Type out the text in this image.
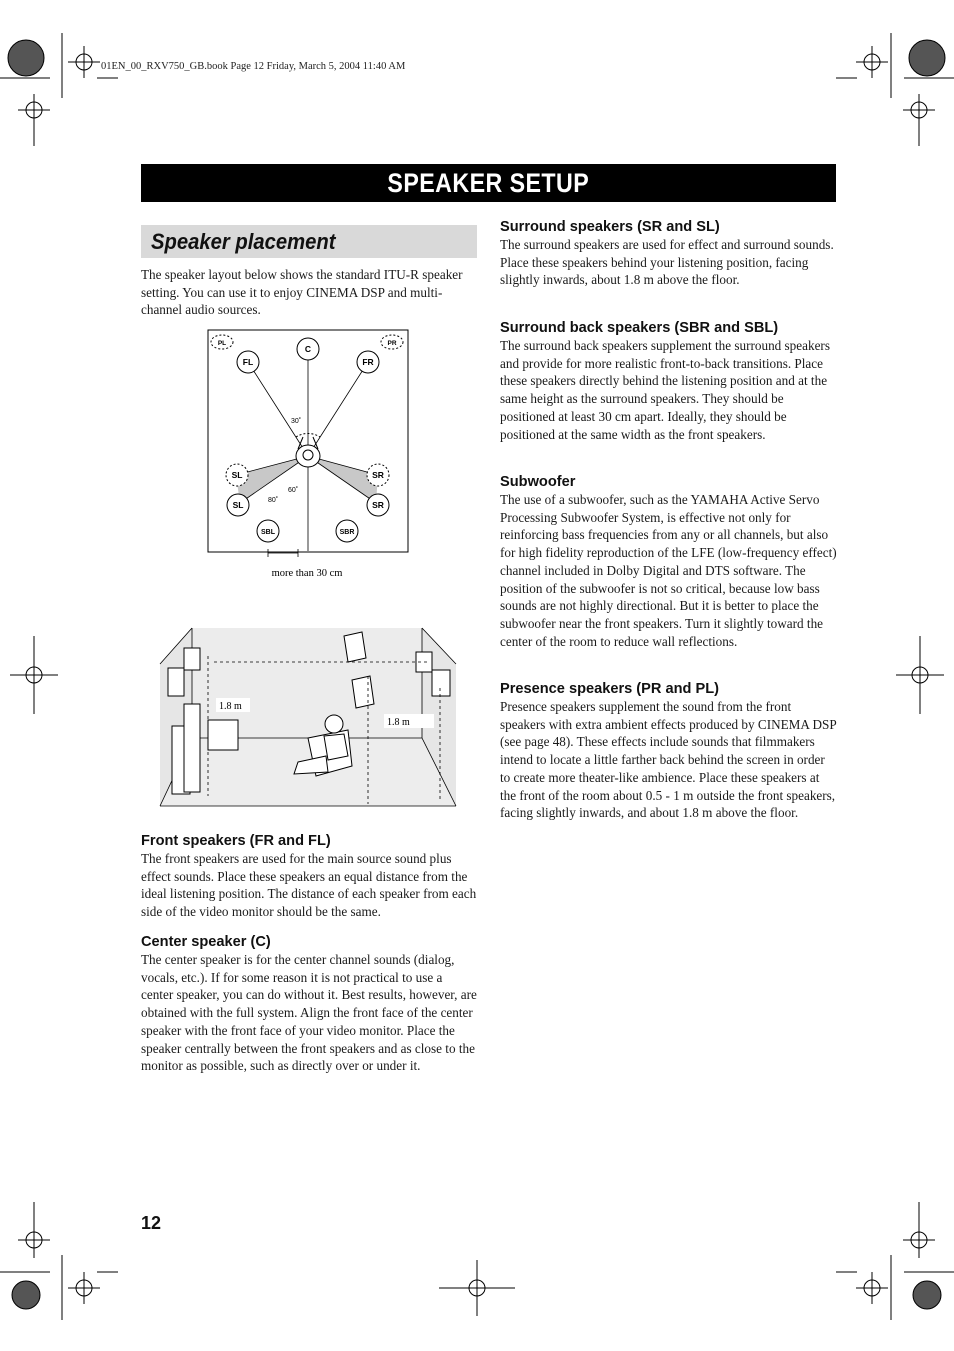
01EN_00_RXV750_GB.book Page 12 Friday, March 5, 2004 11:40 AM
SPEAKER SETUP
Speaker placement

The speaker layout below shows the standard ITU-R speaker setting. You can use it to enjoy CINEMA DSP and multi-channel audio sources.

PL	PR
FL
C
FR
SL	SR
SL	SR
SBL	SBR
30˚
60˚
80˚
more than 30 cm
1.8 m
1.8 m

Front speakers (FR and FL)

The front speakers are used for the main source sound plus effect sounds. Place these speakers an equal distance from the ideal listening position. The distance of each speaker from each side of the video monitor should be the same.

Center speaker (C)

The center speaker is for the center channel sounds (dialog, vocals, etc.). If for some reason it is not practical to use a center speaker, you can do without it. Best results, however, are obtained with the full system. Align the front face of the center speaker with the front face of your video monitor. Place the speaker centrally between the front speakers and as close to the monitor as possible, such as directly over or under it.

Surround speakers (SR and SL)

The surround speakers are used for effect and surround sounds. Place these speakers behind your listening position, facing slightly inwards, about 1.8 m above the floor.

Surround back speakers (SBR and SBL)

The surround back speakers supplement the surround speakers and provide for more realistic front-to-back transitions. Place these speakers directly behind the listening position and at the same height as the surround speakers. They should be positioned at least 30 cm apart. Ideally, they should be positioned at the same width as the front speakers.

Subwoofer

The use of a subwoofer, such as the YAMAHA Active Servo Processing Subwoofer System, is effective not only for reinforcing bass frequencies from any or all channels, but also for high fidelity reproduction of the LFE (low-frequency effect) channel included in Dolby Digital and DTS software. The position of the subwoofer is not so critical, because low bass sounds are not highly directional. But it is better to place the subwoofer near the front speakers. Turn it slightly toward the center of the room to reduce wall reflections.

Presence speakers (PR and PL)

Presence speakers supplement the sound from the front speakers with extra ambient effects produced by CINEMA DSP (see page 48). These effects include sounds that filmmakers intend to locate a little farther back behind the screen in order to create more theater-like ambience. Place these speakers at the front of the room about 0.5 - 1 m outside the front speakers, facing slightly inwards, and about 1.8 m above the floor.

12
